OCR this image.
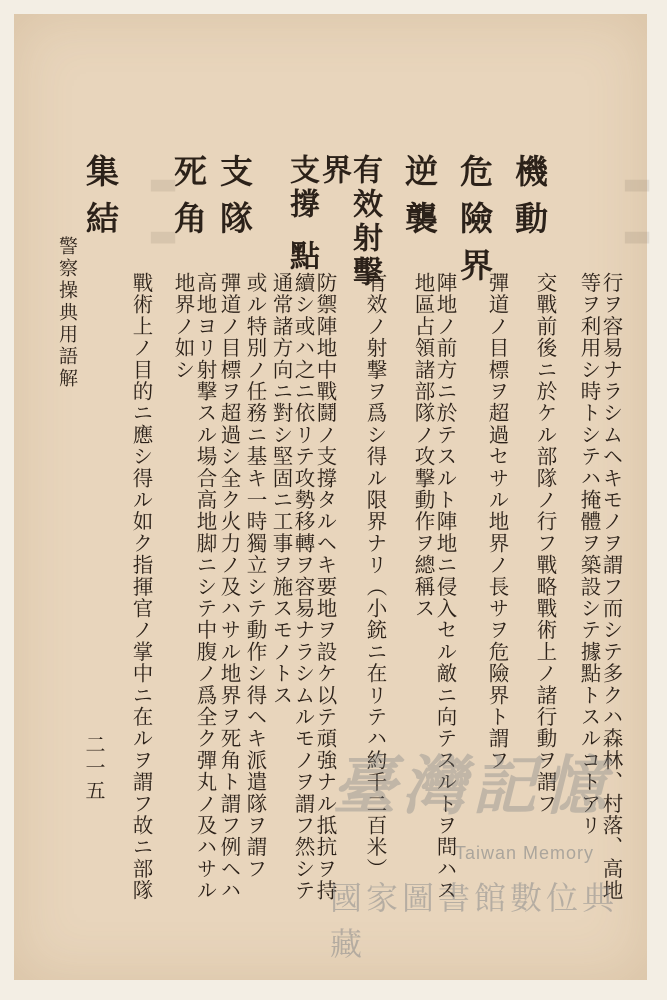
▬▬
▬▬	機動
危險界
逆襲
有效射擊
界
支撐
點
支隊
死角
集結
行ヲ容易ナラシムヘキモノヲ謂フ而シテ多クハ森林、村落、高地
等ヲ利用シ時トシテハ掩體ヲ築設シテ據點トスルコトアリ
交戰前後ニ於ケル部隊ノ行フ戰略戰術上ノ諸行動ヲ謂フ
彈道ノ目標ヲ超過セサル地界ノ長サヲ危險界ト謂フ
陣地ノ前方ニ於テスルト陣地ニ侵入セル敵ニ向テスルトヲ問ハス
地區占領諸部隊ノ攻撃動作ヲ總稱ス
有效ノ射撃ヲ爲シ得ル限界ナリ（小銃ニ在リテハ約千二百米）
防禦陣地中戰鬪ノ支撐タルヘキ要地ヲ設ケ以テ頑強ナル抵抗ヲ持
續シ或ハ之ニ依リテ攻勢移轉ヲ容易ナラシムルモノヲ謂フ然シテ
通常諸方向ニ對シ堅固ニ工事ヲ施スモノトス
或ル特別ノ任務ニ基キ一時獨立シテ動作シ得ヘキ派遣隊ヲ謂フ
彈道ノ目標ヲ超過シ全ク火力ノ及ハサル地界ヲ死角ト謂フ例ヘハ
高地ヨリ射撃スル場合高地脚ニシテ中腹ノ爲全ク彈丸ノ及ハサル
地界ノ如シ
戰術上ノ目的ニ應シ得ル如ク指揮官ノ掌中ニ在ルヲ謂フ故ニ部隊
警察操典用語解
二一五	臺灣記憶
Taiwan Memory
國家圖書館數位典藏
